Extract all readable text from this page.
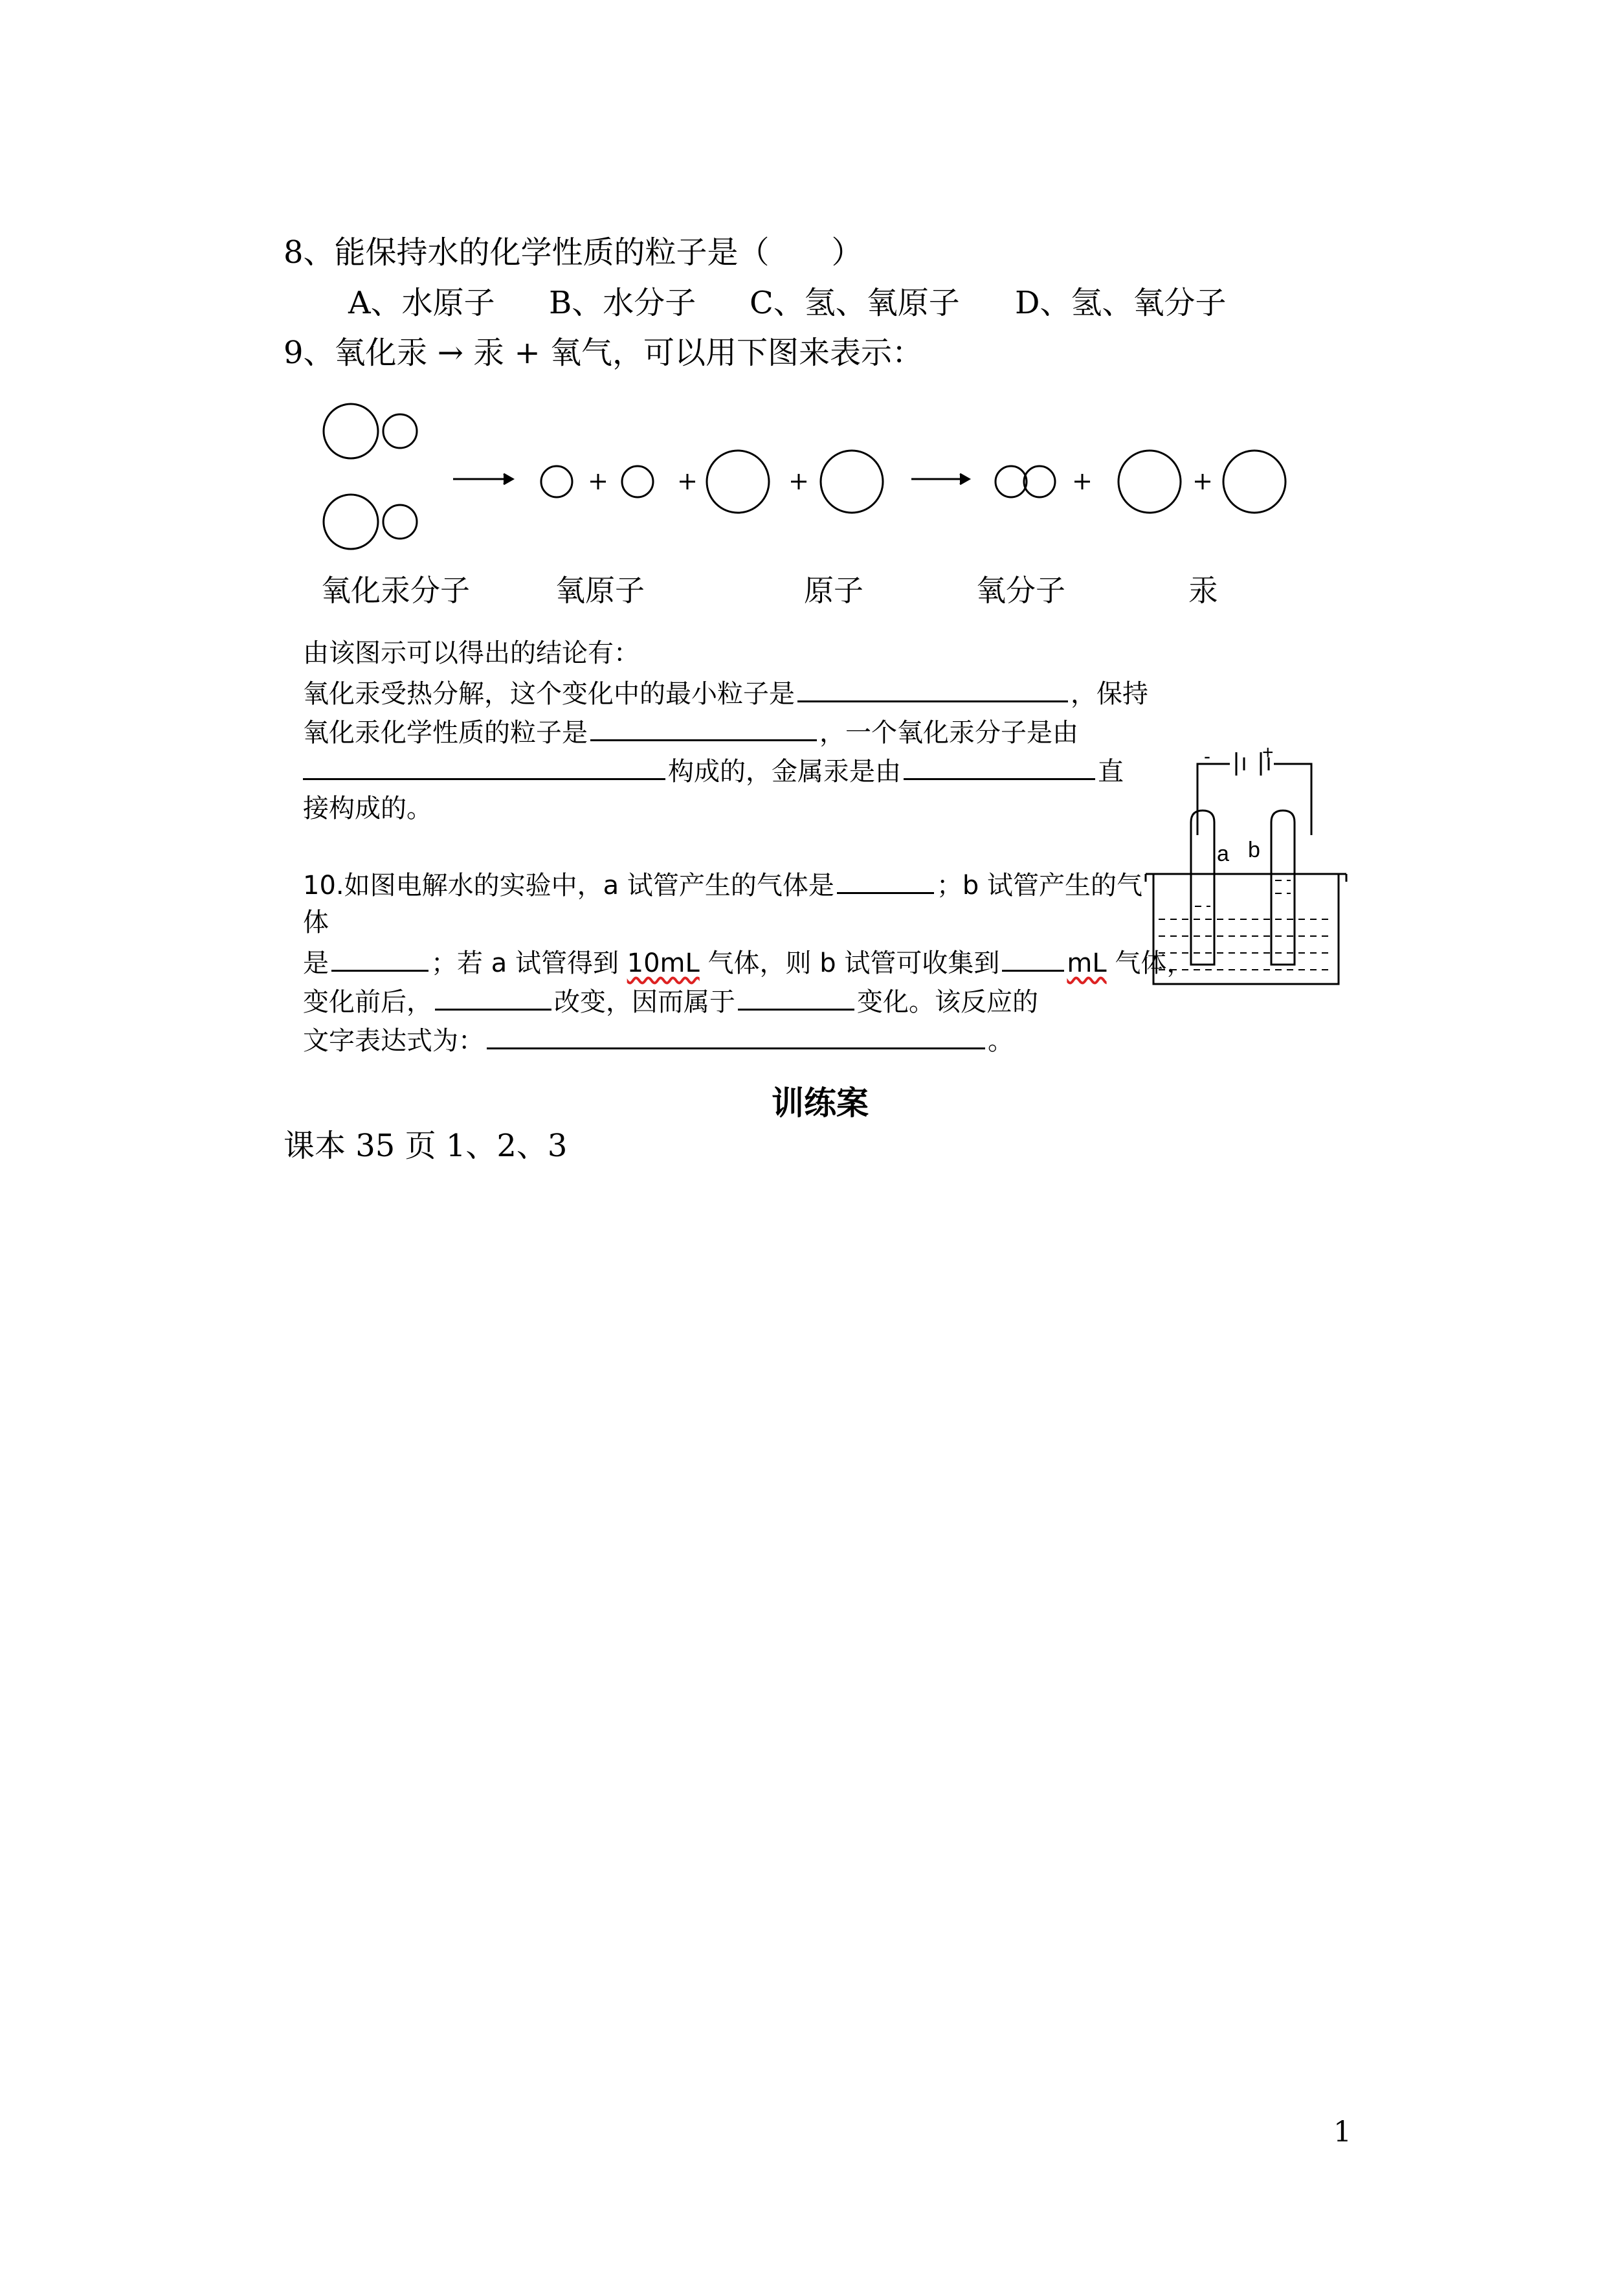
8、能保持水的化学性质的粒子是（　　）
A、水原子 B、水分子 C、氢、氧原子 D、氢、氧分子
9、氧化汞 → 汞 + 氧气，可以用下图来表示：
氧化汞分子	氧原子	原子	氧分子	汞
由该图示可以得出的结论有：
氧化汞受热分解，这个变化中的最小粒子是	，保持
氧化汞化学性质的粒子是	，一个氧化汞分子是由
构成的，金属汞是由	直
接构成的。
10.如图电解水的实验中，a 试管产生的气体是	；b 试管产生的气
体
是	；若 a 试管得到 10mL 气体，则 b 试管可收集到	mL 气体，
变化前后，	改变，因而属于	变化。该反应的
文字表达式为：	。
-	+
a b
训练案
课本 35 页 1、2、3
1
